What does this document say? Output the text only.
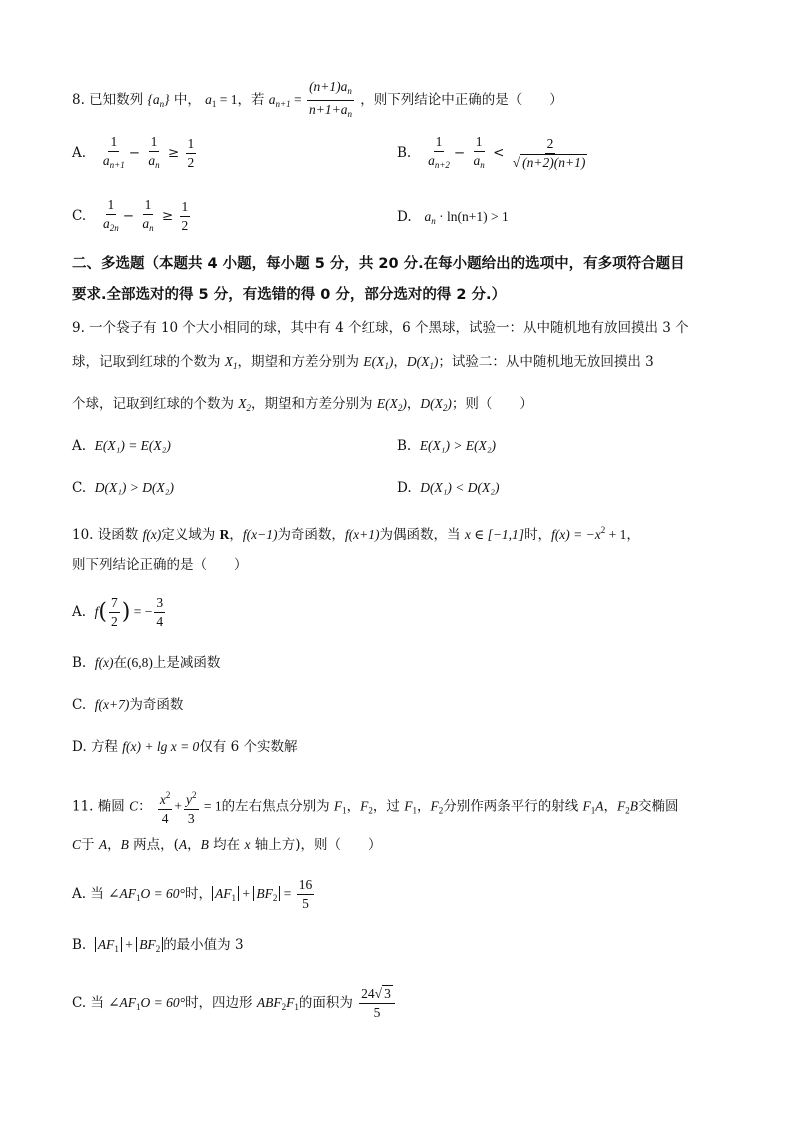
8. 已知数列 $\{a_n\}$ 中， $a_1 = 1$，若 $a_{n+1} = \frac{(n+1)a_n}{n+1+a_n}$ ，则下列结论中正确的是（　　）
A. $\frac{1}{a_{n+1}} - \frac{1}{a_n} \ge \frac{1}{2}$	B. $\frac{1}{a_{n+2}} - \frac{1}{a_n} < \frac{2}{√ (n+2)(n+1)}$
C. $\frac{1}{a_{2n}} - \frac{1}{a_n} \ge \frac{1}{2}$	D. $a_n \cdot \ln(n+1) > 1$
二、多选题（本题共 4 小题，每小题 5 分，共 20 分.在每小题给出的选项中，有多项符合题目
要求.全部选对的得 5 分，有选错的得 0 分，部分选对的得 2 分.）
9. 一个袋子有 10 个大小相同的球，其中有 4 个红球，6 个黑球，试验一：从中随机地有放回摸出 3 个
球，记取到红球的个数为 $X_1$，期望和方差分别为 $E(X_1)$，$D(X_1)$；试验二：从中随机地无放回摸出 3
个球，记取到红球的个数为 $X_2$，期望和方差分别为 $E(X_2)$，$D(X_2)$；则（　　）
A. E(X₁) = E(X₂)	B. E(X₁) > E(X₂)
C. D(X₁) > D(X₂)	D. D(X₁) < D(X₂)
10. 设函数 f(x)定义域为 R，f(x−1)为奇函数，f(x+1)为偶函数，当 x ∈ [−1,1]时，$f(x) = -x^2 + 1$，
则下列结论正确的是（　　）
A. $f( \frac{7}{2}$ ) = − $\frac{3}{4}$
B. f(x)在(6,8)上是减函数
C. f(x+7)为奇函数
D. 方程 f(x) + lg x = 0仅有 6 个实数解
11. 椭圆 C： $\frac{x^2}{4} + \frac{y^2}{3} = 1$的左右焦点分别为 $F_1$，$F_2$，过 $F_1$，$F_2$分别作两条平行的射线 $F_1A$，$F_2B$交椭圆
C于 A，B 两点，(A，B 均在 x 轴上方)，则（　　）
A. 当 $\angle AF_1O = 60^\circ$时， $AF_1 + BF_2 = \frac{16}{5}$
B. $AF_1 + BF_2$ 的最小值为 3
C. 当 $\angle AF_1O = 60^\circ$时，四边形 $ABF_2F_1$的面积为 $\frac{24√ 3}{5}$
